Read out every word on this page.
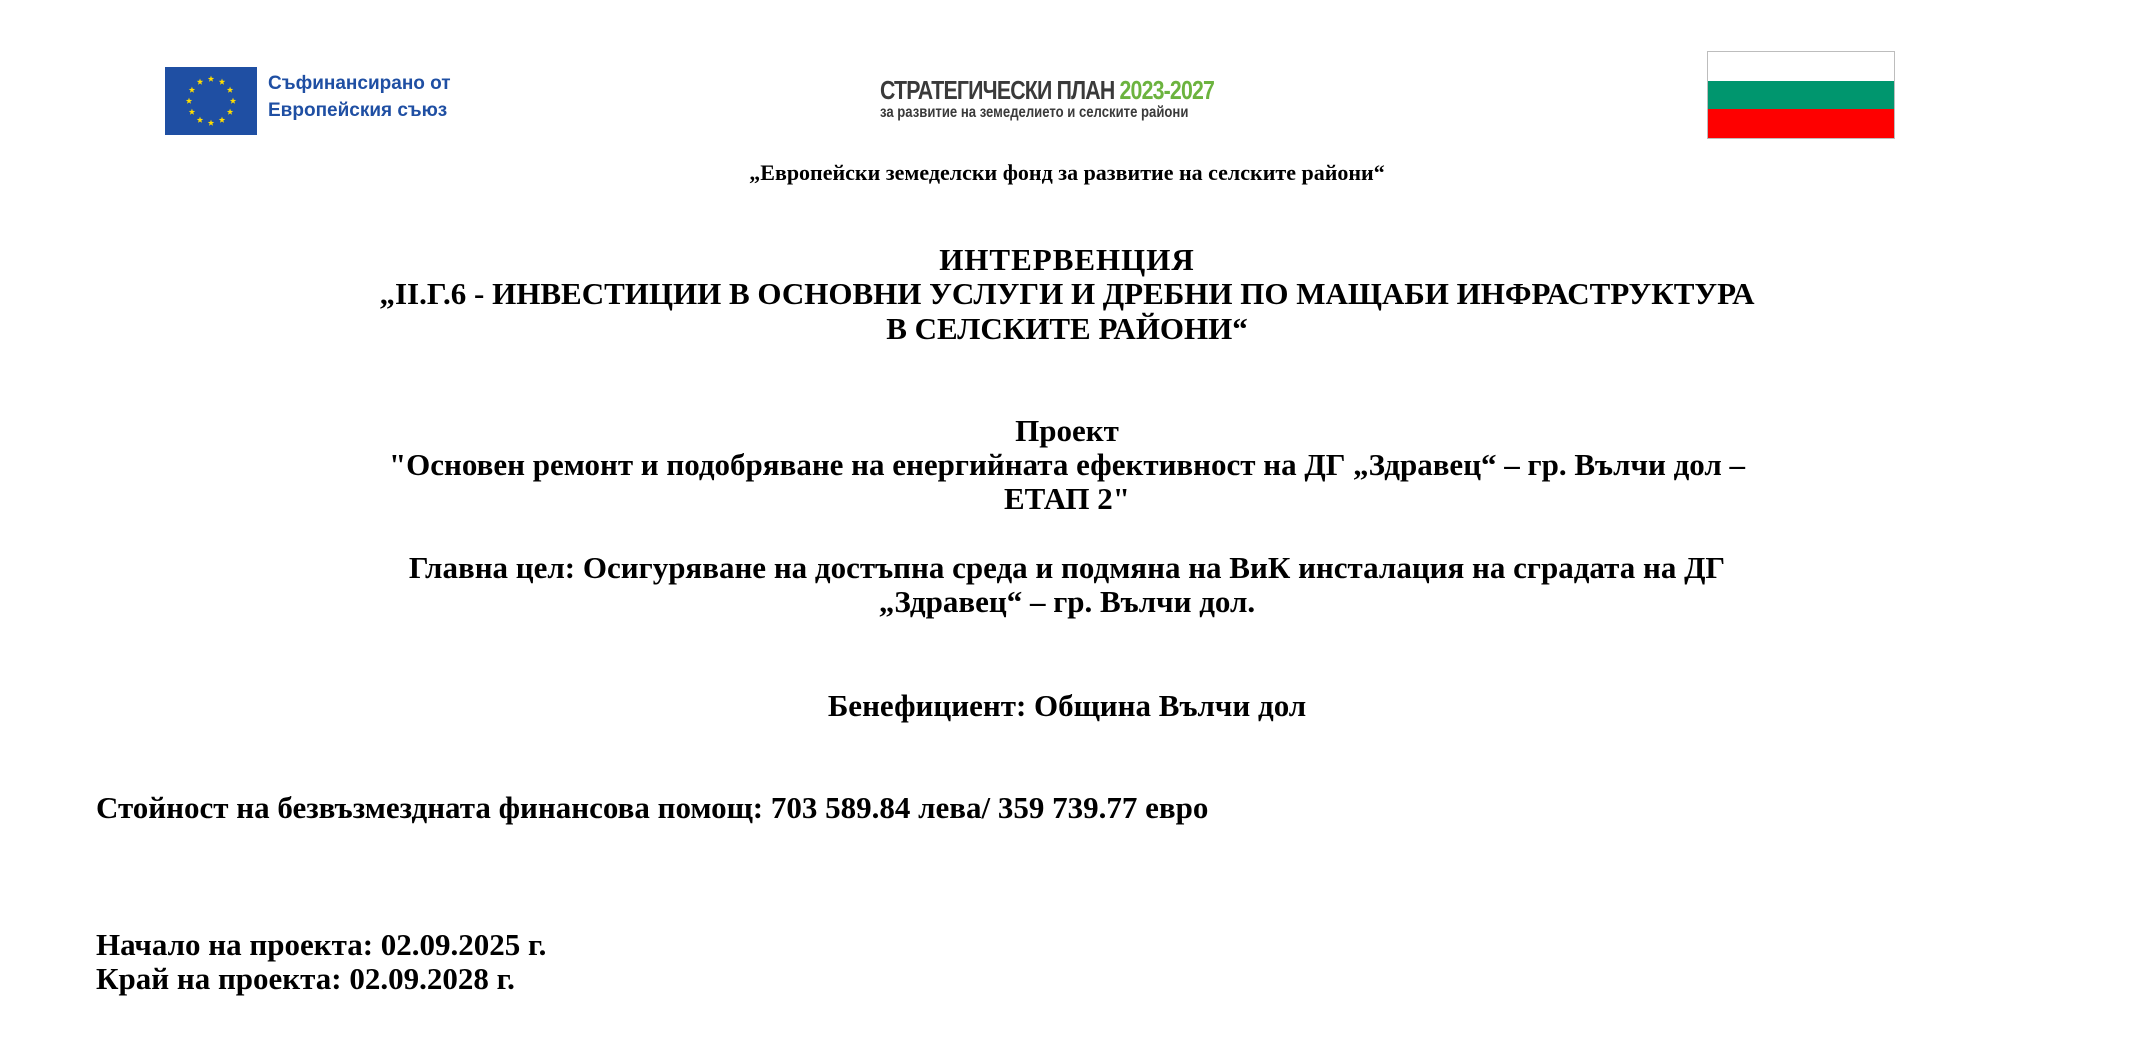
Съфинансирано от
Европейския съюз
СТРАТЕГИЧЕСКИ ПЛАН 2023-2027
за развитие на земеделието и селските райони
„Европейски земеделски фонд за развитие на селските райони“
ИНТЕРВЕНЦИЯ
„II.Г.6 - ИНВЕСТИЦИИ В ОСНОВНИ УСЛУГИ И ДРЕБНИ ПО МАЩАБИ ИНФРАСТРУКТУРА
В СЕЛСКИТЕ РАЙОНИ“
Проект
"Основен ремонт и подобряване на енергийната ефективност на ДГ „Здравец“ – гр. Вълчи дол –
ЕТАП 2"
Главна цел: Осигуряване на достъпна среда и подмяна на ВиК инсталация на сградата на ДГ
„Здравец“ – гр. Вълчи дол.
Бенефициент: Община Вълчи дол
Стойност на безвъзмездната финансова помощ: 703 589.84 лева/ 359 739.77 евро
Начало на проекта: 02.09.2025 г.
Край на проекта: 02.09.2028 г.
